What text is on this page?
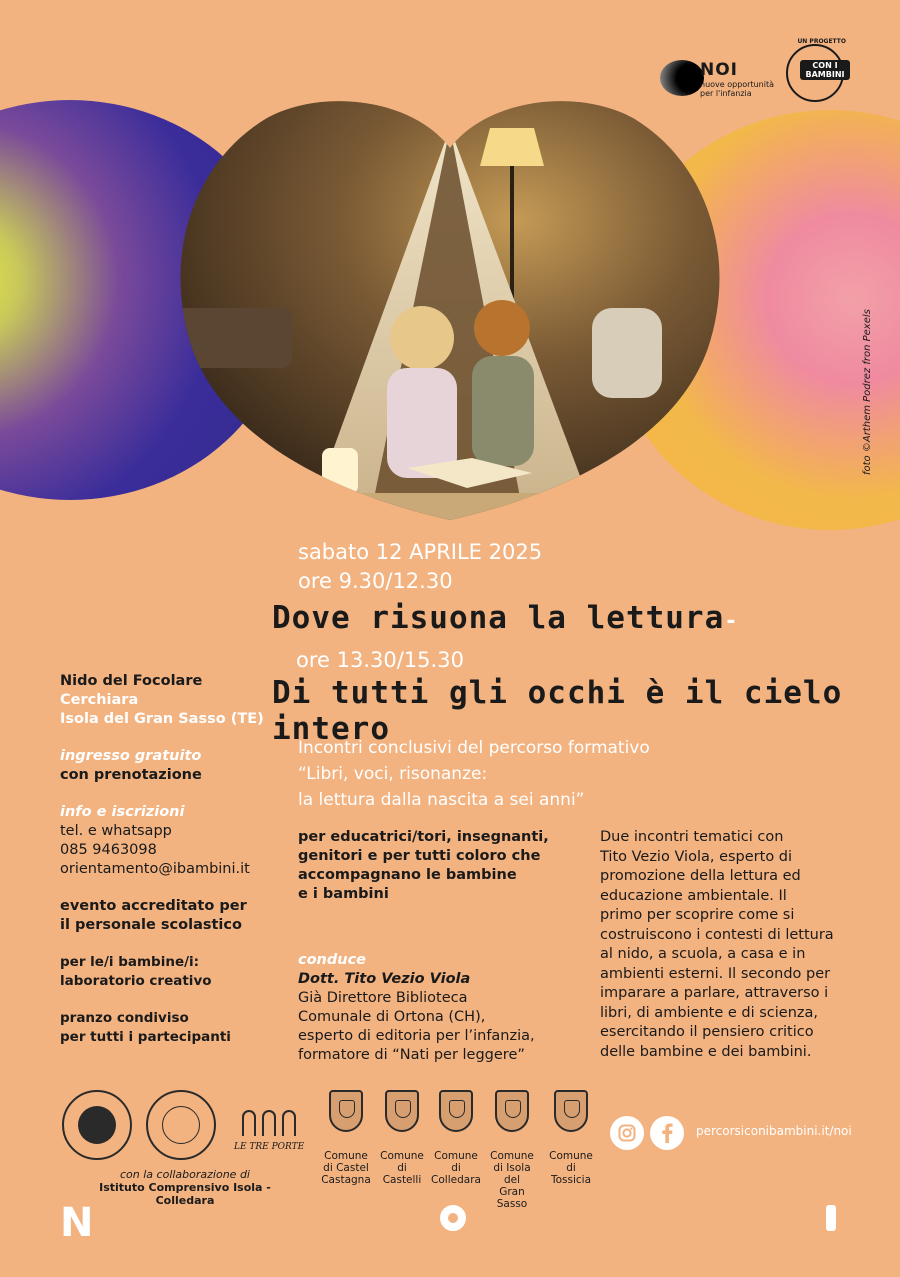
NOI
nuove opportunità per l'infanzia
UN PROGETTO
CON I BAMBINI
foto ©Arthem Podrez fron Pexels
sabato 12 APRILE 2025
ore 9.30/12.30
Dove risuona la lettura-
ore 13.30/15.30
Di tutti gli occhi è il cielo intero
Incontri conclusivi del percorso formativo
“Libri, voci, risonanze:
la lettura dalla nascita a sei anni”

Nido del Focolare
Cerchiara
Isola del Gran Sasso (TE)

ingresso gratuito
con prenotazione

info e iscrizioni
tel. e whatsapp
085 9463098
orientamento@ibambini.it

evento accreditato per
il personale scolastico

per le/i bambine/i:
laboratorio creativo

pranzo condiviso
per tutti i partecipanti

per educatrici/tori, insegnanti,
genitori e per tutti coloro che
accompagnano le bambine
e i bambini
conduce
Dott. Tito Vezio Viola
Già Direttore Biblioteca
Comunale di Ortona (CH),
esperto di editoria per l’infanzia,
formatore di “Nati per leggere”
Due incontri tematici con
Tito Vezio Viola, esperto di
promozione della lettura ed
educazione ambientale. Il
primo per scoprire come si
costruiscono i contesti di lettura
al nido, a scuola, a casa e in
ambienti esterni. Il secondo per
imparare a parlare, attraverso i
libri, di ambiente e di scienza,
esercitando il pensiero critico
delle bambine e dei bambini.
LE TRE PORTE
con la collaborazione di
Istituto Comprensivo Isola - Colledara
Comune
di Castel
Castagna
Comune
di
Castelli
Comune
di
Colledara
Comune
di Isola del
Gran Sasso
Comune
di
Tossicia
percorsiconibambini.it/noi
N
